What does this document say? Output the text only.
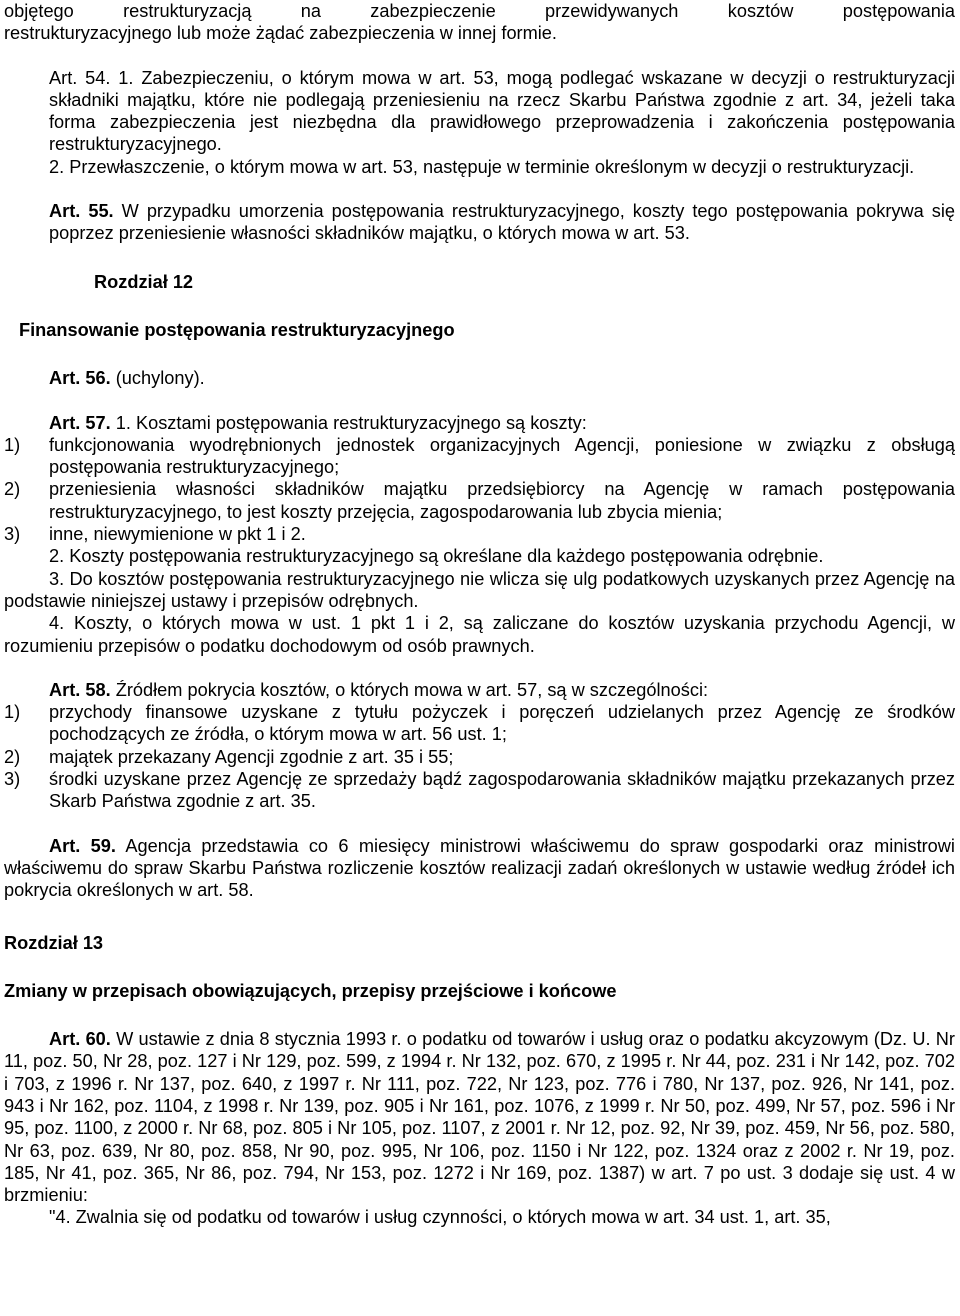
objętego restrukturyzacją na zabezpieczenie przewidywanych kosztów postępowania

restrukturyzacyjnego lub może żądać zabezpieczenia w innej formie.

Art. 54. 1. Zabezpieczeniu, o którym mowa w art. 53, mogą podlegać wskazane w decyzji o restrukturyzacji składniki majątku, które nie podlegają przeniesieniu na rzecz Skarbu Państwa zgodnie z art. 34, jeżeli taka forma zabezpieczenia jest niezbędna dla prawidłowego przeprowadzenia i zakończenia postępowania restrukturyzacyjnego.

2. Przewłaszczenie, o którym mowa w art. 53, następuje w terminie określonym w decyzji o restrukturyzacji.

Art. 55. W przypadku umorzenia postępowania restrukturyzacyjnego, koszty tego postępowania pokrywa się poprzez przeniesienie własności składników majątku, o których mowa w art. 53.

Rozdział 12

Finansowanie postępowania restrukturyzacyjnego

Art. 56. (uchylony).

Art. 57. 1. Kosztami postępowania restrukturyzacyjnego są koszty:

1)	funkcjonowania wyodrębnionych jednostek organizacyjnych Agencji, poniesione w związku z obsługą postępowania restrukturyzacyjnego;
2)	przeniesienia własności składników majątku przedsiębiorcy na Agencję w ramach postępowania restrukturyzacyjnego, to jest koszty przejęcia, zagospodarowania lub zbycia mienia;
3)	inne, niewymienione w pkt 1 i 2.

2. Koszty postępowania restrukturyzacyjnego są określane dla każdego postępowania odrębnie.

3. Do kosztów postępowania restrukturyzacyjnego nie wlicza się ulg podatkowych uzyskanych przez Agencję na podstawie niniejszej ustawy i przepisów odrębnych.

4. Koszty, o których mowa w ust. 1 pkt 1 i 2, są zaliczane do kosztów uzyskania przychodu Agencji, w rozumieniu przepisów o podatku dochodowym od osób prawnych.

Art. 58. Źródłem pokrycia kosztów, o których mowa w art. 57, są w szczególności:

1)	przychody finansowe uzyskane z tytułu pożyczek i poręczeń udzielanych przez Agencję ze środków pochodzących ze źródła, o którym mowa w art. 56 ust. 1;
2)	majątek przekazany Agencji zgodnie z art. 35 i 55;
3)	środki uzyskane przez Agencję ze sprzedaży bądź zagospodarowania składników majątku przekazanych przez Skarb Państwa zgodnie z art. 35.

Art. 59. Agencja przedstawia co 6 miesięcy ministrowi właściwemu do spraw gospodarki oraz ministrowi właściwemu do spraw Skarbu Państwa rozliczenie kosztów realizacji zadań określonych w ustawie według źródeł ich pokrycia określonych w art. 58.

Rozdział 13

Zmiany w przepisach obowiązujących, przepisy przejściowe i końcowe

Art. 60. W ustawie z dnia 8 stycznia 1993 r. o podatku od towarów i usług oraz o podatku akcyzowym (Dz. U. Nr 11, poz. 50, Nr 28, poz. 127 i Nr 129, poz. 599, z 1994 r. Nr 132, poz. 670, z 1995 r. Nr 44, poz. 231 i Nr 142, poz. 702 i 703, z 1996 r. Nr 137, poz. 640, z 1997 r. Nr 111, poz. 722, Nr 123, poz. 776 i 780, Nr 137, poz. 926, Nr 141, poz. 943 i Nr 162, poz. 1104, z 1998 r. Nr 139, poz. 905 i Nr 161, poz. 1076, z 1999 r. Nr 50, poz. 499, Nr 57, poz. 596 i Nr 95, poz. 1100, z 2000 r. Nr 68, poz. 805 i Nr 105, poz. 1107, z 2001 r. Nr 12, poz. 92, Nr 39, poz. 459, Nr 56, poz. 580, Nr 63, poz. 639, Nr 80, poz. 858, Nr 90, poz. 995, Nr 106, poz. 1150 i Nr 122, poz. 1324 oraz z 2002 r. Nr 19, poz. 185, Nr 41, poz. 365, Nr 86, poz. 794, Nr 153, poz. 1272 i Nr 169, poz. 1387) w art. 7 po ust. 3 dodaje się ust. 4 w brzmieniu:

"4. Zwalnia się od podatku od towarów i usług czynności, o których mowa w art. 34 ust. 1, art. 35,
